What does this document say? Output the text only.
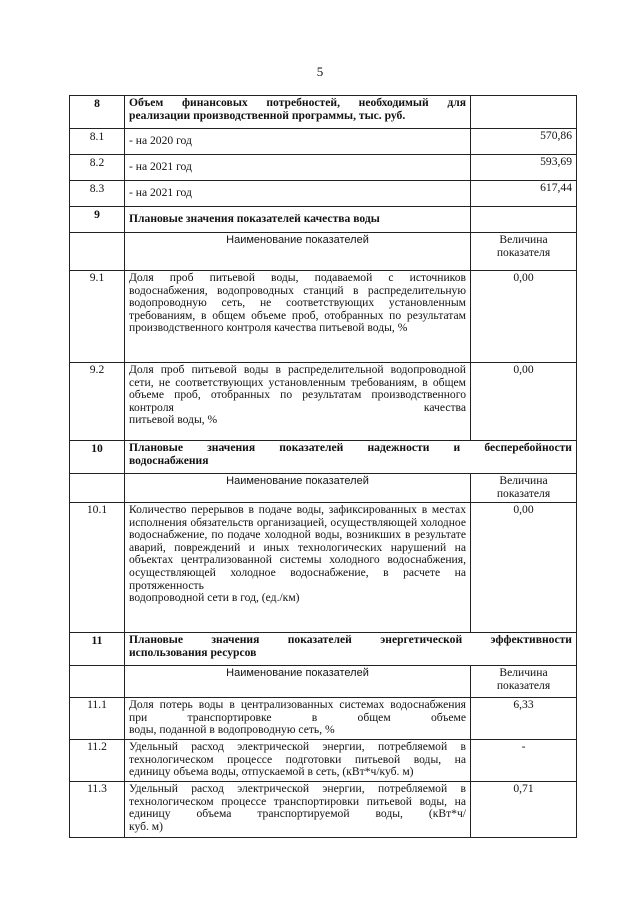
5
8	Объем финансовых потребностей, необходимый для
реализации производственной программы, тыс. руб.	

8.1	- на 2020 год	570,86
8.2	- на 2021 год	593,69
8.3	- на 2021 год	617,44
9	Плановые значения показателей качества воды	
	Наименование показателей	Величина показателя
9.1	Доля проб питьевой воды, подаваемой с источников водоснабжения, водопроводных станций в распределительную водопроводную сеть, не соответствующих установленным требованиям, в общем объеме проб, отобранных по результатам
производственного контроля качества питьевой воды, %	0,00
9.2	Доля проб питьевой воды в распределительной водопроводной сети, не соответствующих установленным требованиям, в общем объеме проб, отобранных по результатам производственного контроля качества
питьевой воды, %	0,00
10	Плановые значения показателей надежности и бесперебойности
водоснабжения	

	Наименование показателей	Величина показателя
10.1	Количество перерывов в подаче воды, зафиксированных в местах исполнения обязательств организацией, осуществляющей холодное водоснабжение, по подаче холодной воды, возникших в результате аварий, повреждений и иных технологических нарушений на объектах централизованной системы холодного водоснабжения, осуществляющей холодное водоснабжение, в расчете на протяженность
водопроводной сети в год, (ед./км)	0,00
11	Плановые значения показателей энергетической эффективности
использования ресурсов	

	Наименование показателей	Величина показателя
11.1	Доля потерь воды в централизованных системах водоснабжения при транспортировке в общем объеме
воды, поданной в водопроводную сеть, %	6,33
11.2	Удельный расход электрической энергии, потребляемой в технологическом процессе подготовки питьевой воды, на
единицу объема воды, отпускаемой в сеть, (кВт*ч/куб. м)	-
11.3	Удельный расход электрической энергии, потребляемой в технологическом процессе транспортировки питьевой воды, на единицу объема транспортируемой воды, (кВт*ч/
куб. м)	0,71
